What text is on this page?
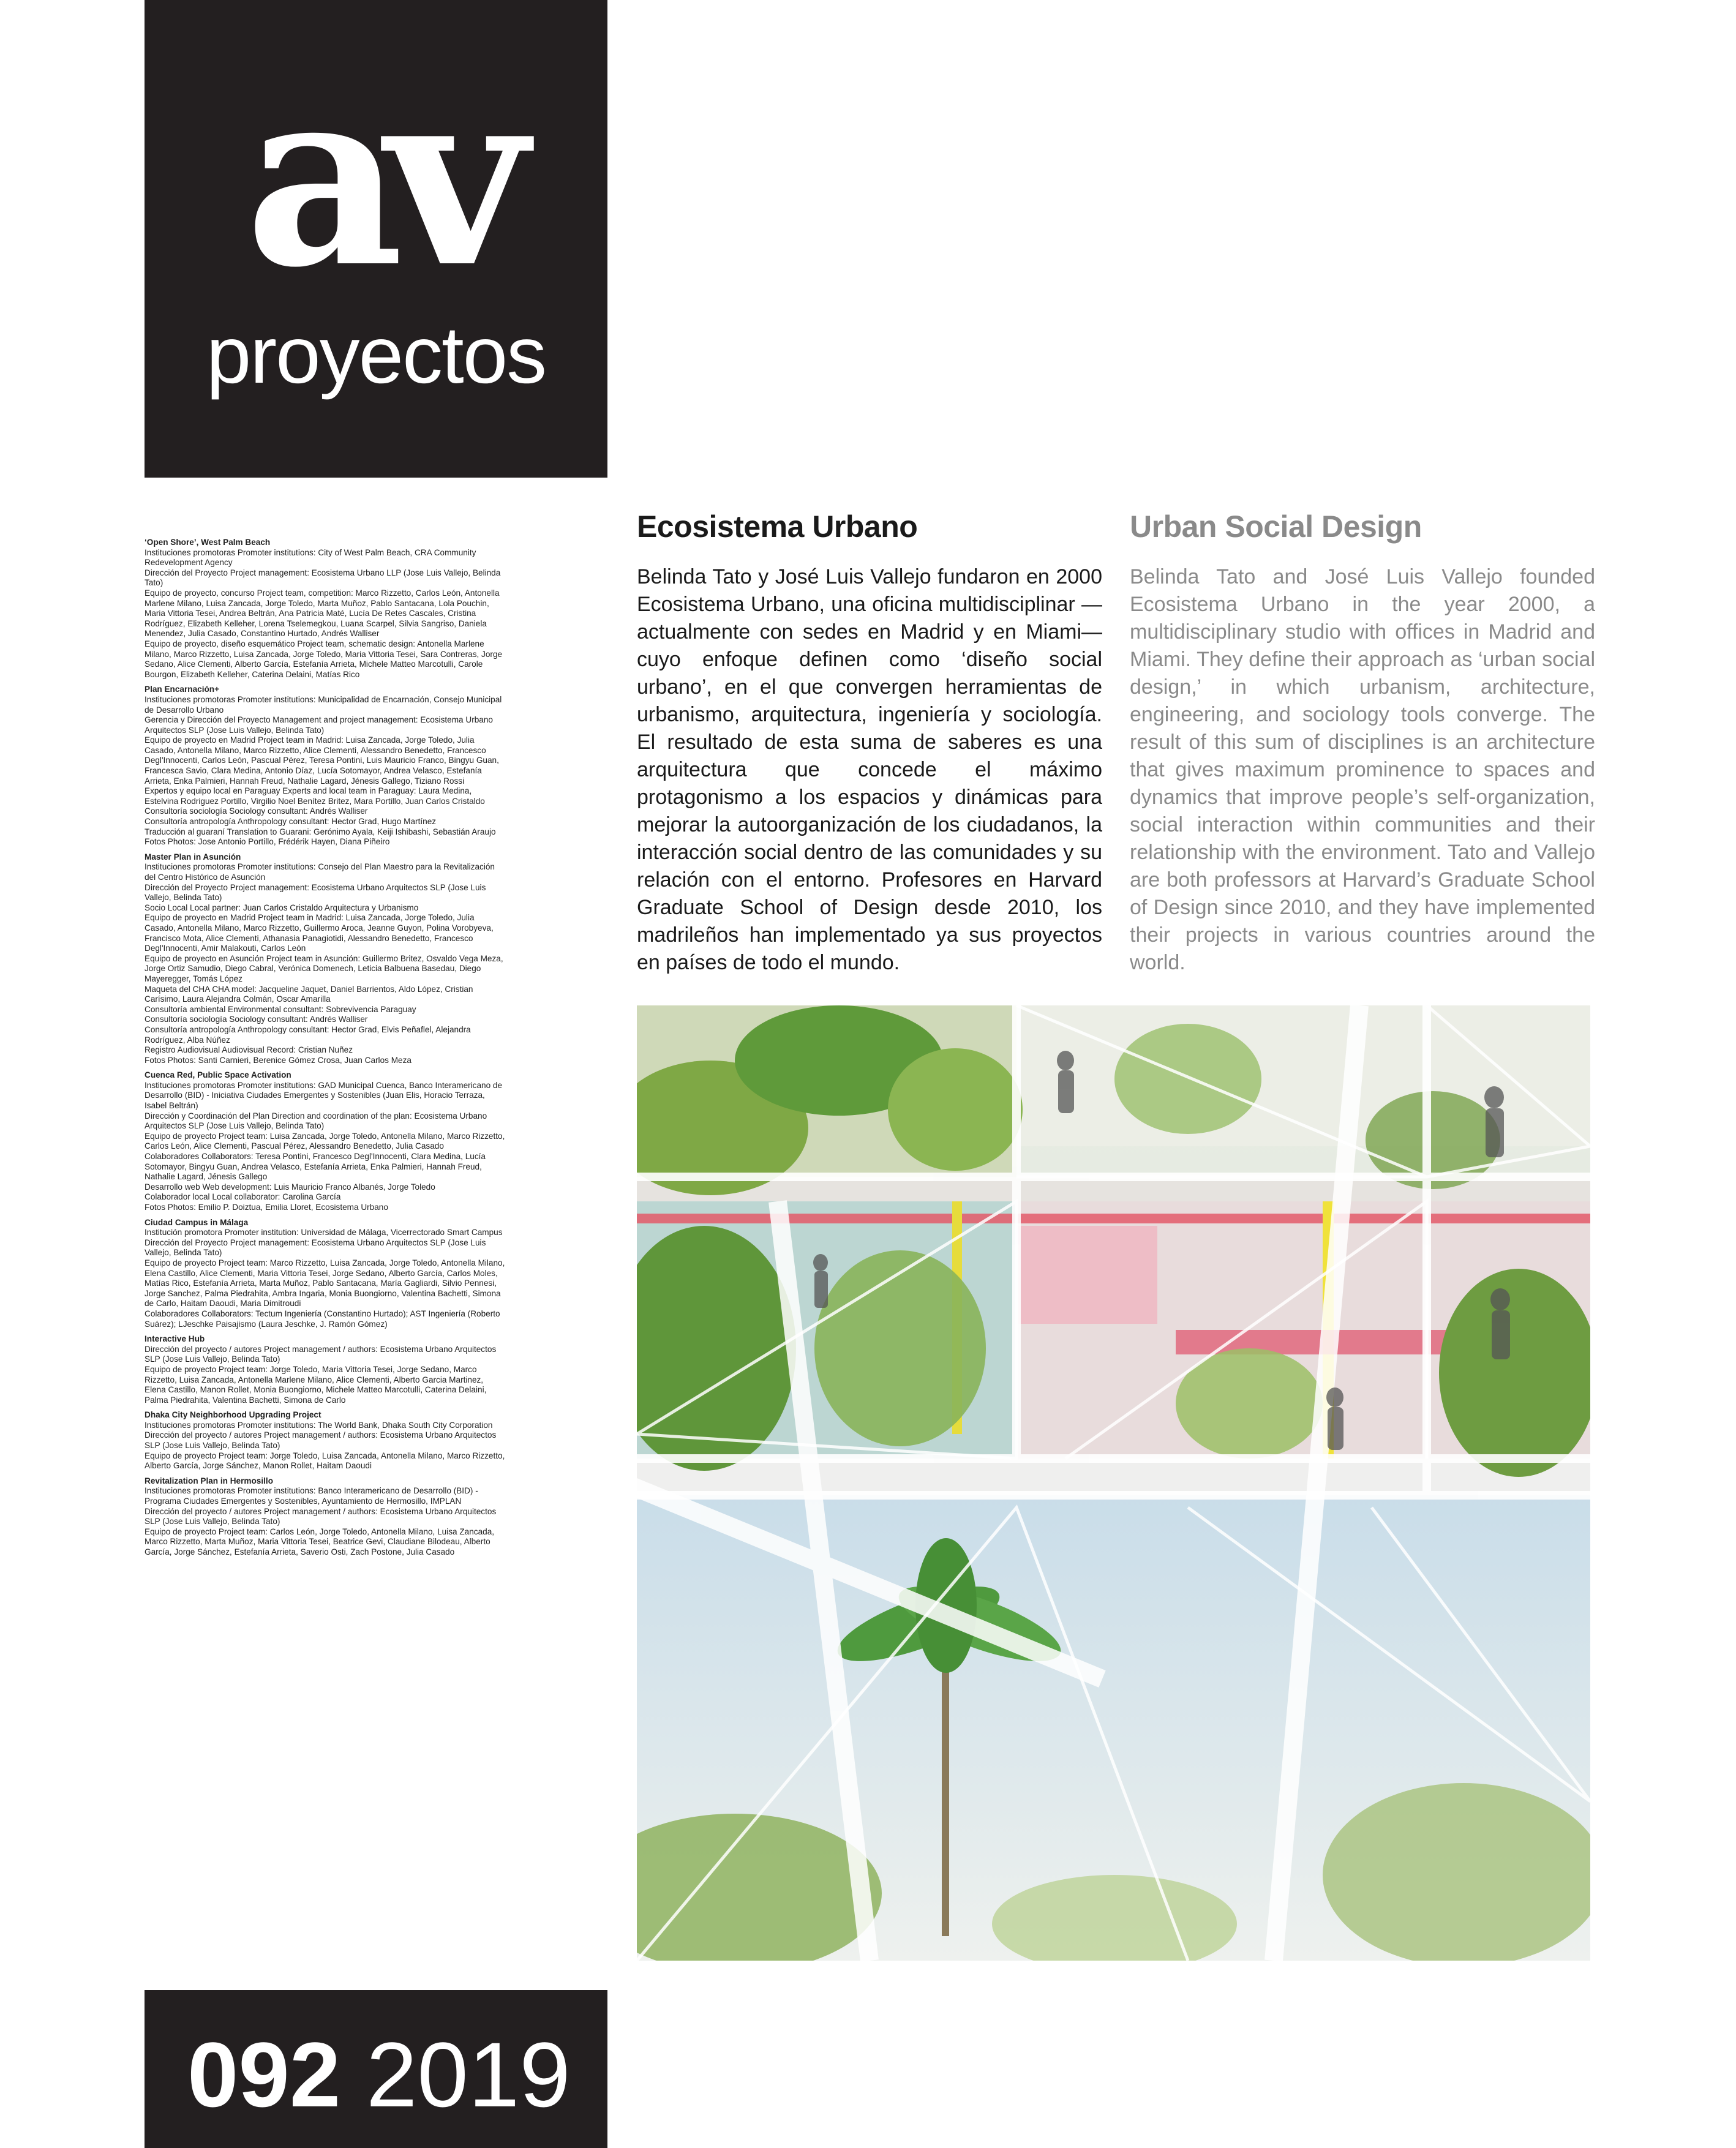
av
proyectos

‘Open Shore’, West Palm Beach

Instituciones promotoras Promoter institutions: City of West Palm Beach, CRA Community Redevelopment Agency

Dirección del Proyecto Project management: Ecosistema Urbano LLP (Jose Luis Vallejo, Belinda Tato)

Equipo de proyecto, concurso Project team, competition: Marco Rizzetto, Carlos León, Antonella Marlene Milano, Luisa Zancada, Jorge Toledo, Marta Muñoz, Pablo Santacana, Lola Pouchin, Maria Vittoria Tesei, Andrea Beltrán, Ana Patricia Maté, Lucía De Retes Cascales, Cristina Rodríguez, Elizabeth Kelleher, Lorena Tselemegkou, Luana Scarpel, Silvia Sangriso, Daniela Menendez, Julia Casado, Constantino Hurtado, Andrés Walliser

Equipo de proyecto, diseño esquemático Project team, schematic design: Antonella Marlene Milano, Marco Rizzetto, Luisa Zancada, Jorge Toledo, Maria Vittoria Tesei, Sara Contreras, Jorge Sedano, Alice Clementi, Alberto García, Estefanía Arrieta, Michele Matteo Marcotulli, Carole Bourgon, Elizabeth Kelleher, Caterina Delaini, Matías Rico

Plan Encarnación+

Instituciones promotoras Promoter institutions: Municipalidad de Encarnación, Consejo Municipal de Desarrollo Urbano

Gerencia y Dirección del Proyecto Management and project management: Ecosistema Urbano Arquitectos SLP (Jose Luis Vallejo, Belinda Tato)

Equipo de proyecto en Madrid Project team in Madrid: Luisa Zancada, Jorge Toledo, Julia Casado, Antonella Milano, Marco Rizzetto, Alice Clementi, Alessandro Benedetto, Francesco Degl'Innocenti, Carlos León, Pascual Pérez, Teresa Pontini, Luis Mauricio Franco, Bingyu Guan, Francesca Savio, Clara Medina, Antonio Díaz, Lucía Sotomayor, Andrea Velasco, Estefanía Arrieta, Enka Palmieri, Hannah Freud, Nathalie Lagard, Jénesis Gallego, Tiziano Rossi

Expertos y equipo local en Paraguay Experts and local team in Paraguay: Laura Medina, Estelvina Rodriguez Portillo, Virgilio Noel Benítez Britez, Mara Portillo, Juan Carlos Cristaldo

Consultoría sociología Sociology consultant: Andrés Walliser

Consultoría antropología Anthropology consultant: Hector Grad, Hugo Martínez

Traducción al guaraní Translation to Guarani: Gerónimo Ayala, Keiji Ishibashi, Sebastián Araujo

Fotos Photos: Jose Antonio Portillo, Frédérik Hayen, Diana Piñeiro

Master Plan in Asunción

Instituciones promotoras Promoter institutions: Consejo del Plan Maestro para la Revitalización del Centro Histórico de Asunción

Dirección del Proyecto Project management: Ecosistema Urbano Arquitectos SLP (Jose Luis Vallejo, Belinda Tato)

Socio Local Local partner: Juan Carlos Cristaldo Arquitectura y Urbanismo

Equipo de proyecto en Madrid Project team in Madrid: Luisa Zancada, Jorge Toledo, Julia Casado, Antonella Milano, Marco Rizzetto, Guillermo Aroca, Jeanne Guyon, Polina Vorobyeva, Francisco Mota, Alice Clementi, Athanasia Panagiotidi, Alessandro Benedetto, Francesco Degl'Innocenti, Amir Malakouti, Carlos León

Equipo de proyecto en Asunción Project team in Asunción: Guillermo Britez, Osvaldo Vega Meza, Jorge Ortiz Samudio, Diego Cabral, Verónica Domenech, Leticia Balbuena Basedau, Diego Mayeregger, Tomás López

Maqueta del CHA CHA model: Jacqueline Jaquet, Daniel Barrientos, Aldo López, Cristian Carísimo, Laura Alejandra Colmán, Oscar Amarilla

Consultoría ambiental Environmental consultant: Sobrevivencia Paraguay

Consultoría sociología Sociology consultant: Andrés Walliser

Consultoría antropología Anthropology consultant: Hector Grad, Elvis Peñaflel, Alejandra Rodríguez, Alba Núñez

Registro Audiovisual Audiovisual Record: Cristian Nuñez

Fotos Photos: Santi Carnieri, Berenice Gómez Crosa, Juan Carlos Meza

Cuenca Red, Public Space Activation

Instituciones promotoras Promoter institutions: GAD Municipal Cuenca, Banco Interamericano de Desarrollo (BID) - Iniciativa Ciudades Emergentes y Sostenibles (Juan Elis, Horacio Terraza, Isabel Beltrán)

Dirección y Coordinación del Plan Direction and coordination of the plan: Ecosistema Urbano Arquitectos SLP (Jose Luis Vallejo, Belinda Tato)

Equipo de proyecto Project team: Luisa Zancada, Jorge Toledo, Antonella Milano, Marco Rizzetto, Carlos León, Alice Clementi, Pascual Pérez, Alessandro Benedetto, Julia Casado

Colaboradores Collaborators: Teresa Pontini, Francesco Degl'Innocenti, Clara Medina, Lucía Sotomayor, Bingyu Guan, Andrea Velasco, Estefanía Arrieta, Enka Palmieri, Hannah Freud, Nathalie Lagard, Jénesis Gallego

Desarrollo web Web development: Luis Mauricio Franco Albanés, Jorge Toledo

Colaborador local Local collaborator: Carolina García

Fotos Photos: Emilio P. Doiztua, Emilia Lloret, Ecosistema Urbano

Ciudad Campus in Málaga

Institución promotora Promoter institution: Universidad de Málaga, Vicerrectorado Smart Campus

Dirección del Proyecto Project management: Ecosistema Urbano Arquitectos SLP (Jose Luis Vallejo, Belinda Tato)

Equipo de proyecto Project team: Marco Rizzetto, Luisa Zancada, Jorge Toledo, Antonella Milano, Elena Castillo, Alice Clementi, Maria Vittoria Tesei, Jorge Sedano, Alberto García, Carlos Moles, Matías Rico, Estefanía Arrieta, Marta Muñoz, Pablo Santacana, María Gagliardi, Silvio Pennesi, Jorge Sanchez, Palma Piedrahita, Ambra Ingaria, Monia Buongiorno, Valentina Bachetti, Simona de Carlo, Haitam Daoudi, Maria Dimitroudi

Colaboradores Collaborators: Tectum Ingeniería (Constantino Hurtado); AST Ingeniería (Roberto Suárez); LJeschke Paisajismo (Laura Jeschke, J. Ramón Gómez)

Interactive Hub

Dirección del proyecto / autores Project management / authors: Ecosistema Urbano Arquitectos SLP (Jose Luis Vallejo, Belinda Tato)

Equipo de proyecto Project team: Jorge Toledo, Maria Vittoria Tesei, Jorge Sedano, Marco Rizzetto, Luisa Zancada, Antonella Marlene Milano, Alice Clementi, Alberto Garcia Martinez, Elena Castillo, Manon Rollet, Monia Buongiorno, Michele Matteo Marcotulli, Caterina Delaini, Palma Piedrahita, Valentina Bachetti, Simona de Carlo

Dhaka City Neighborhood Upgrading Project

Instituciones promotoras Promoter institutions: The World Bank, Dhaka South City Corporation

Dirección del proyecto / autores Project management / authors: Ecosistema Urbano Arquitectos SLP (Jose Luis Vallejo, Belinda Tato)

Equipo de proyecto Project team: Jorge Toledo, Luisa Zancada, Antonella Milano, Marco Rizzetto, Alberto García, Jorge Sánchez, Manon Rollet, Haitam Daoudi

Revitalization Plan in Hermosillo

Instituciones promotoras Promoter institutions: Banco Interamericano de Desarrollo (BID) - Programa Ciudades Emergentes y Sostenibles, Ayuntamiento de Hermosillo, IMPLAN

Dirección del proyecto / autores Project management / authors: Ecosistema Urbano Arquitectos SLP (Jose Luis Vallejo, Belinda Tato)

Equipo de proyecto Project team: Carlos León, Jorge Toledo, Antonella Milano, Luisa Zancada, Marco Rizzetto, Marta Muñoz, Maria Vittoria Tesei, Beatrice Gevi, Claudiane Bilodeau, Alberto García, Jorge Sánchez, Estefanía Arrieta, Saverio Osti, Zach Postone, Julia Casado

Ecosistema Urbano

Belinda Tato y José Luis Vallejo fundaron en 2000 Ecosistema Urbano, una oficina multidisciplinar —actualmente con sedes en Madrid y en Miami— cuyo enfoque definen como ‘diseño social urbano’, en el que convergen herramientas de urbanismo, arquitectura, ingeniería y sociología. El resultado de esta suma de saberes es una arquitectura que concede el máximo protagonismo a los espacios y dinámicas para mejorar la autoorganización de los ciudadanos, la interacción social dentro de las comunidades y su relación con el entorno. Profesores en Harvard Graduate School of Design desde 2010, los madrileños han implementado ya sus proyectos en países de todo el mundo.

Urban Social Design

Belinda Tato and José Luis Vallejo founded Ecosistema Urbano in the year 2000, a multidisciplinary studio with offices in Madrid and Miami. They define their approach as ‘urban social design,’ in which urbanism, architecture, engineering, and sociology tools converge. The result of this sum of disciplines is an architecture that gives maximum prominence to spaces and dynamics that improve people’s self-organization, social interaction within communities and their relationship with the environment. Tato and Vallejo are both professors at Harvard’s Graduate School of Design since 2010, and they have implemented their projects in various countries around the world.

092 2019
